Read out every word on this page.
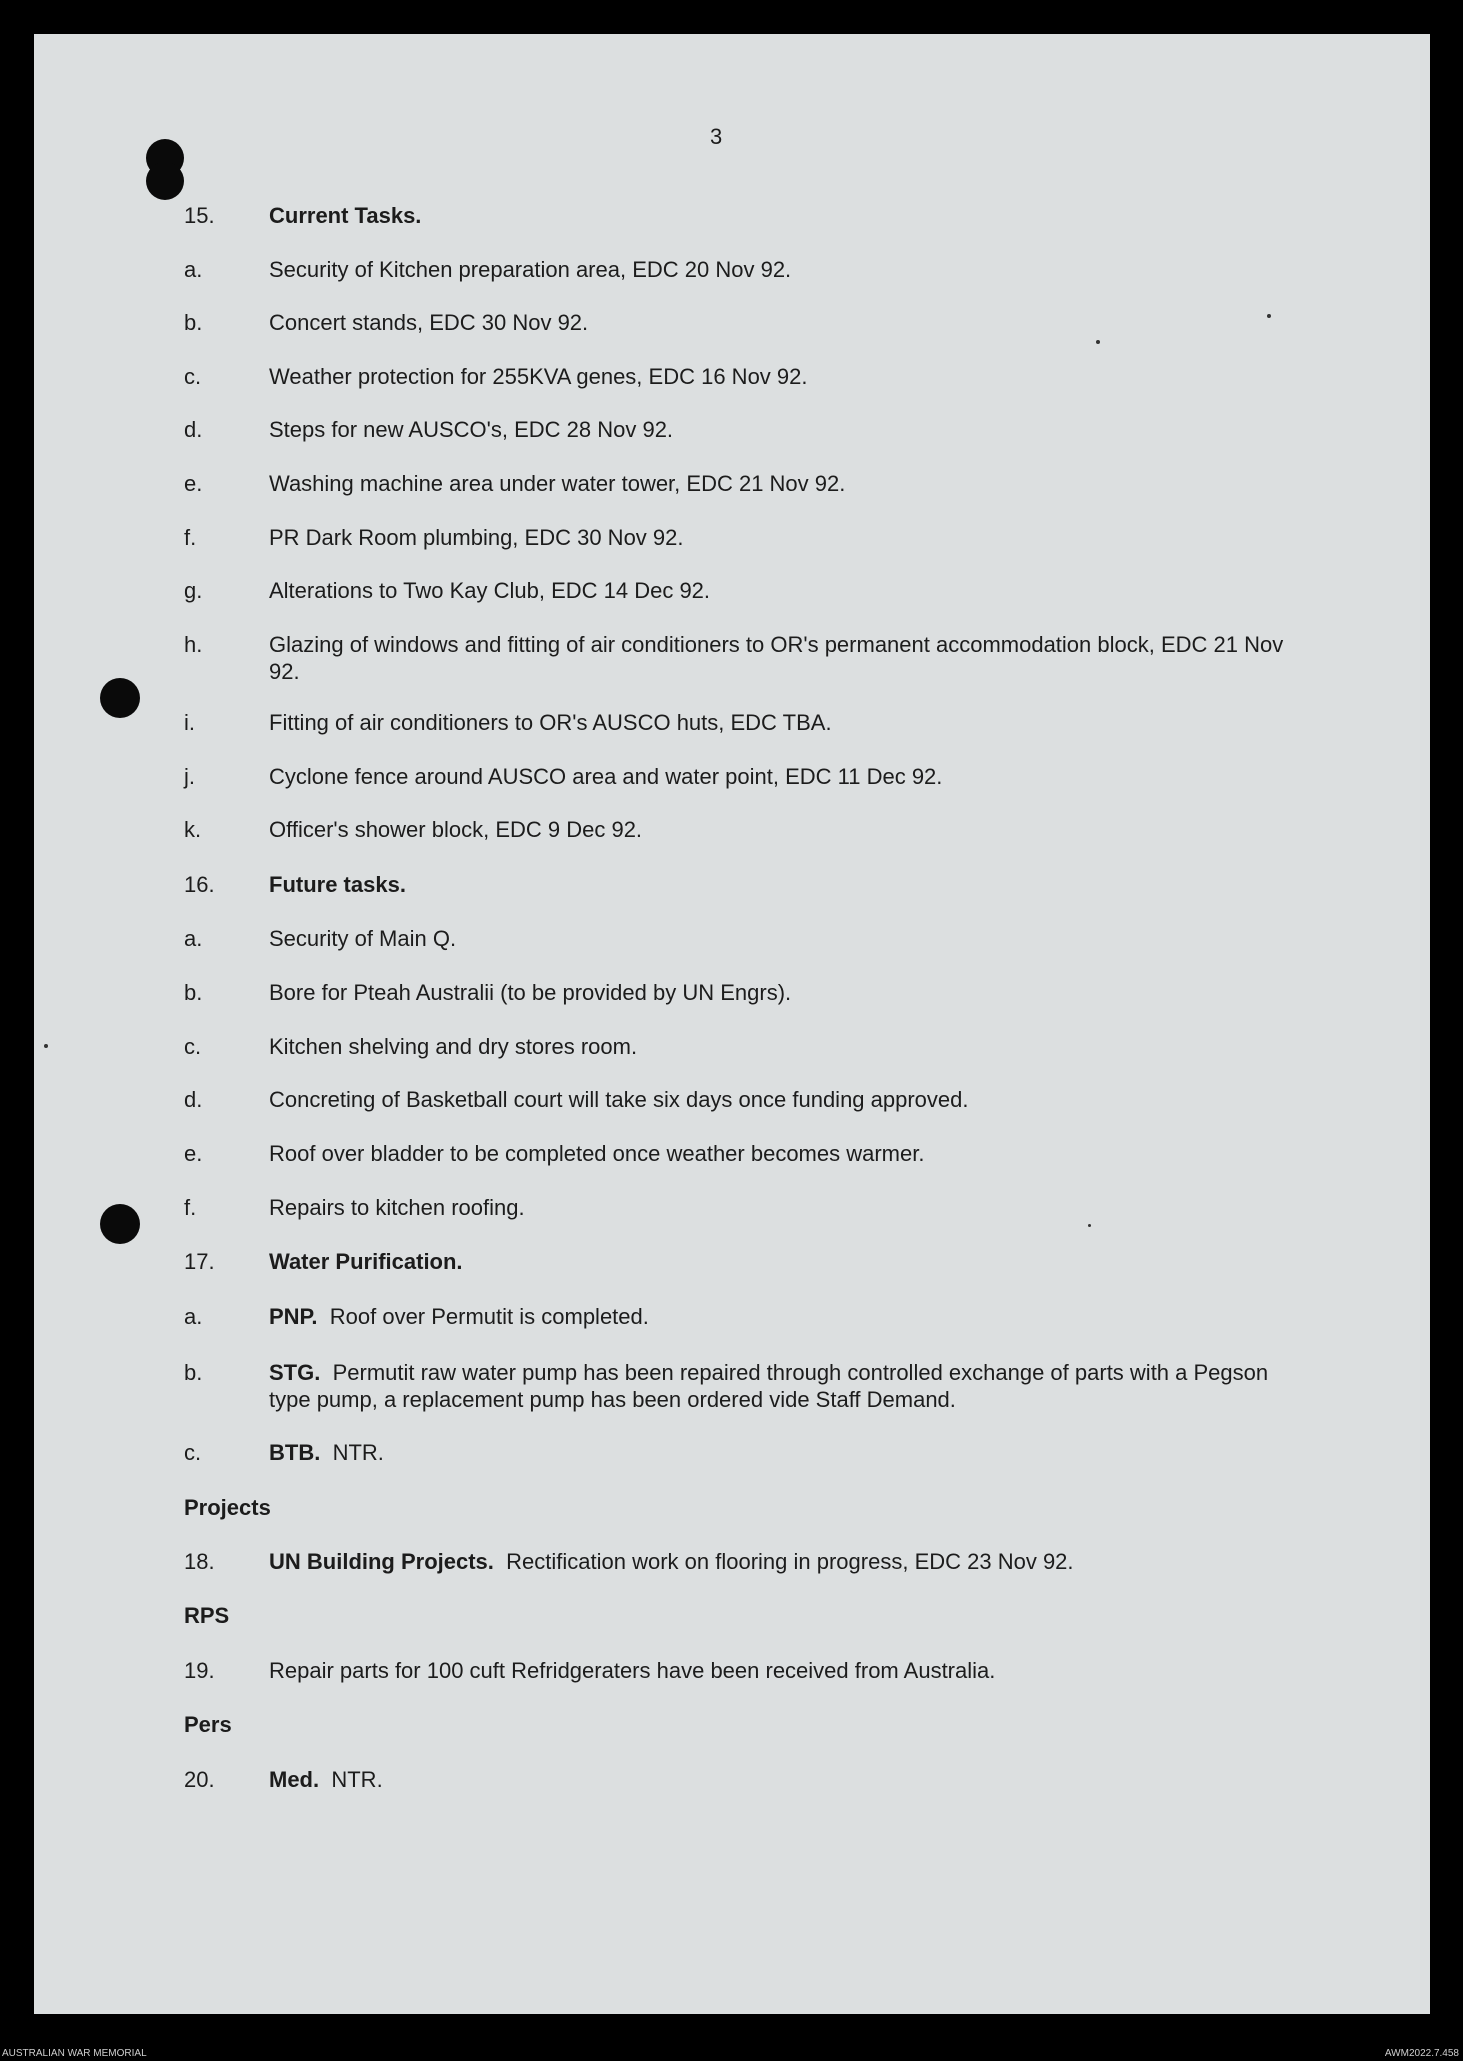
3
15.	Current Tasks.
a.	Security of Kitchen preparation area, EDC 20 Nov 92.
b.	Concert stands, EDC 30 Nov 92.
c.	Weather protection for 255KVA genes, EDC 16 Nov 92.
d.	Steps for new AUSCO's, EDC 28 Nov 92.
e.	Washing machine area under water tower, EDC 21 Nov 92.
f.	PR Dark Room plumbing, EDC 30 Nov 92.
g.	Alterations to Two Kay Club, EDC 14 Dec 92.
h.	Glazing of windows and fitting of air conditioners to OR's permanent accommodation block, EDC 21 Nov 92.
i.	Fitting of air conditioners to OR's AUSCO huts, EDC TBA.
j.	Cyclone fence around AUSCO area and water point, EDC 11 Dec 92.
k.	Officer's shower block, EDC 9 Dec 92.
16.	Future tasks.
a.	Security of Main Q.
b.	Bore for Pteah Australii (to be provided by UN Engrs).
c.	Kitchen shelving and dry stores room.
d.	Concreting of Basketball court will take six days once funding approved.
e.	Roof over bladder to be completed once weather becomes warmer.
f.	Repairs to kitchen roofing.
17.	Water Purification.
a.	PNP. Roof over Permutit is completed.
b.	STG. Permutit raw water pump has been repaired through controlled exchange of parts with a Pegson type pump, a replacement pump has been ordered vide Staff Demand.
c.	BTB. NTR.
Projects
18.	UN Building Projects. Rectification work on flooring in progress, EDC 23 Nov 92.
RPS
19.	Repair parts for 100 cuft Refridgeraters have been received from Australia.
Pers
20.	Med. NTR.
AUSTRALIAN WAR MEMORIAL	AWM2022.7.458
